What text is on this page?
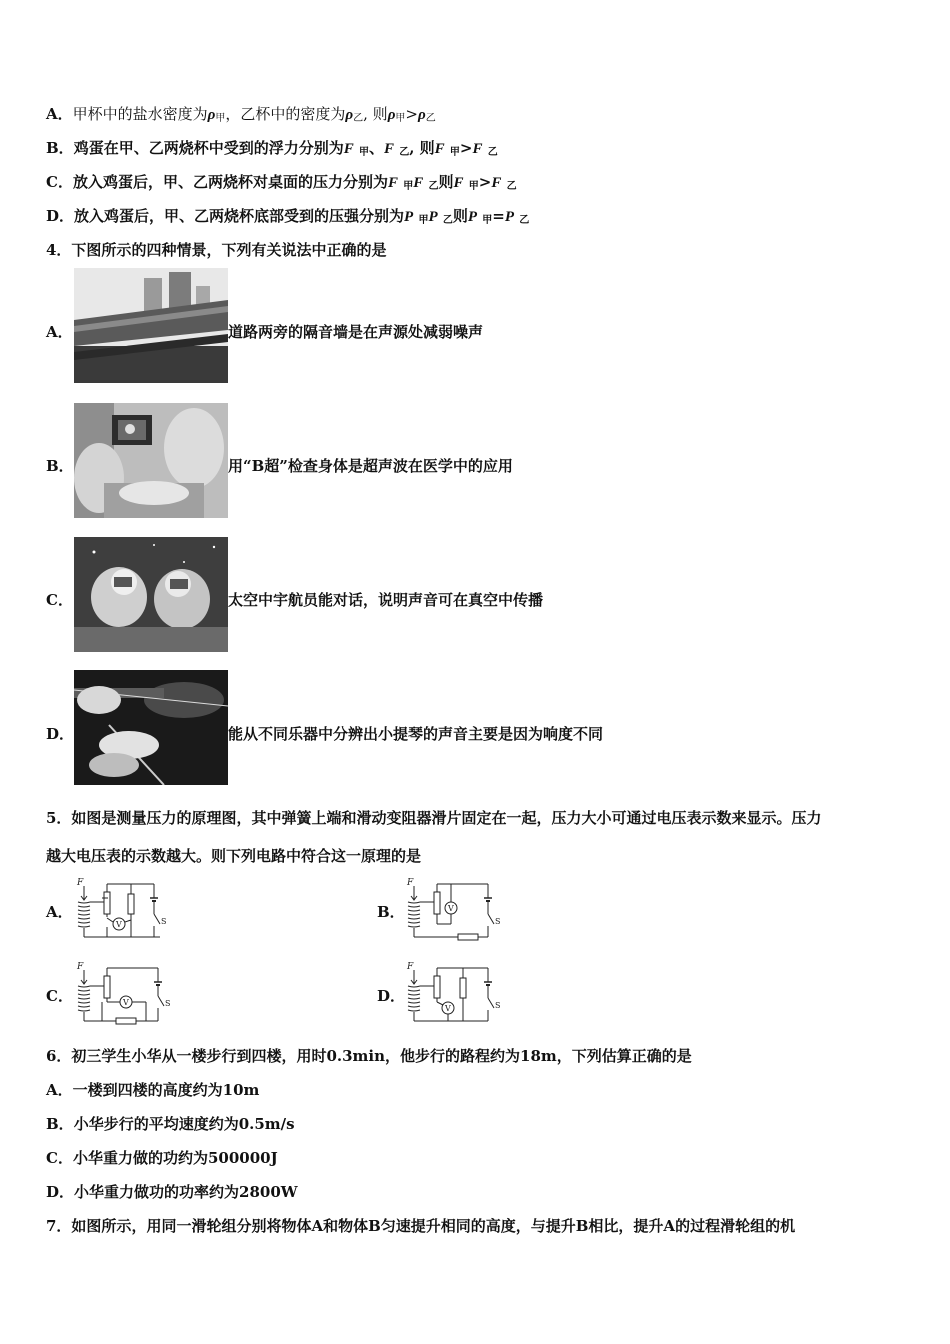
A．甲杯中的盐水密度为$\rho_甲$，乙杯中的密度为$\rho_乙$, 则$\rho_甲>\rho_乙$
B．鸡蛋在甲、乙两烧杯中受到的浮力分别为F $_甲$、F $_乙$, 则F $_甲$>F $_乙$
C．放入鸡蛋后，甲、乙两烧杯对桌面的压力分别为F $_甲$F $_乙$则F $_甲$>F $_乙$
D．放入鸡蛋后，甲、乙两烧杯底部受到的压强分别为P $_甲$P $_乙$则P $_甲$=P $_乙$
4．下图所示的四种情景，下列有关说法中正确的是
A．	道路两旁的隔音墙是在声源处减弱噪声
B．	用“B超”检查身体是超声波在医学中的应用
C．	太空中宇航员能对话，说明声音可在真空中传播
D．	能从不同乐器中分辨出小提琴的声音主要是因为响度不同
5．如图是测量压力的原理图，其中弹簧上端和滑动变阻器滑片固定在一起，压力大小可通过电压表示数来显示。压力
越大电压表的示数越大。则下列电路中符合这一原理的是
A．
F
V	S
B．
F
V
S
C．
F
V	S	D．
F
V	S
6．初三学生小华从一楼步行到四楼，用时0.3min，他步行的路程约为18m，下列估算正确的是
A．一楼到四楼的高度约为10m
B．小华步行的平均速度约为0.5m/s
C．小华重力做的功约为500000J
D．小华重力做功的功率约为2800W
7．如图所示，用同一滑轮组分别将物体A和物体B匀速提升相同的高度，与提升B相比，提升A的过程滑轮组的机
